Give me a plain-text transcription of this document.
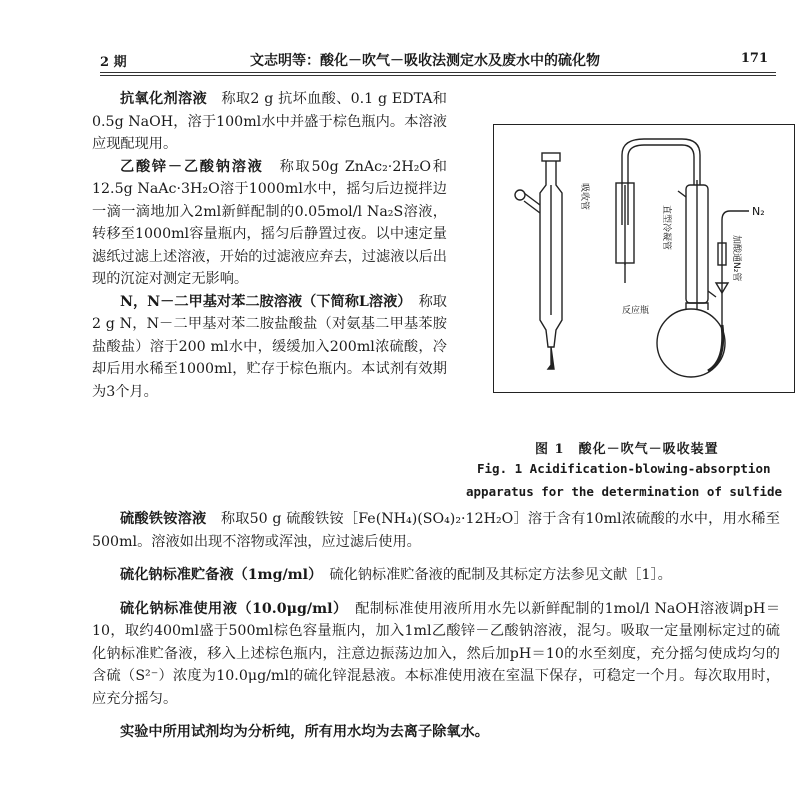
2 期	文志明等：酸化－吹气－吸收法测定水及废水中的硫化物	171

抗氧化剂溶液　称取2 g 抗坏血酸、0.1 g EDTA和0.5g NaOH，溶于100ml水中并盛于棕色瓶内。本溶液应现配现用。

乙酸锌－乙酸钠溶液　称取50g ZnAc₂·2H₂O和12.5g NaAc·3H₂O溶于1000ml水中，摇匀后边搅拌边一滴一滴地加入2ml新鲜配制的0.05mol/l Na₂S溶液，转移至1000ml容量瓶内，摇匀后静置过夜。以中速定量滤纸过滤上述溶液，开始的过滤液应弃去，过滤液以后出现的沉淀对测定无影响。

N，N－二甲基对苯二胺溶液（下简称L溶液）　称取2 g N，N－二甲基对苯二胺盐酸盐（对氨基二甲基苯胺盐酸盐）溶于200 ml水中，缓缓加入200ml浓硫酸，冷却后用水稀至1000ml，贮存于棕色瓶内。本试剂有效期为3个月。

吸收管
直型冷凝管	N₂
加酸通N₂管
反应瓶
图 1　酸化－吹气－吸收装置
Fig. 1 Acidification-blowing-absorption
apparatus for the determination of sulfide

硫酸铁铵溶液　称取50 g 硫酸铁铵［Fe(NH₄)(SO₄)₂·12H₂O］溶于含有10ml浓硫酸的水中，用水稀至500ml。溶液如出现不溶物或浑浊，应过滤后使用。

硫化钠标准贮备液（1mg/ml）　硫化钠标准贮备液的配制及其标定方法参见文献［1］。

硫化钠标准使用液（10.0μg/ml）　配制标准使用液所用水先以新鲜配制的1mol/l NaOH溶液调pH＝10，取约400ml盛于500ml棕色容量瓶内，加入1ml乙酸锌－乙酸钠溶液，混匀。吸取一定量刚标定过的硫化钠标准贮备液，移入上述棕色瓶内，注意边振荡边加入，然后加pH＝10的水至刻度，充分摇匀使成均匀的含硫（S²⁻）浓度为10.0μg/ml的硫化锌混悬液。本标准使用液在室温下保存，可稳定一个月。每次取用时，应充分摇匀。

实验中所用试剂均为分析纯，所有用水均为去离子除氧水。
